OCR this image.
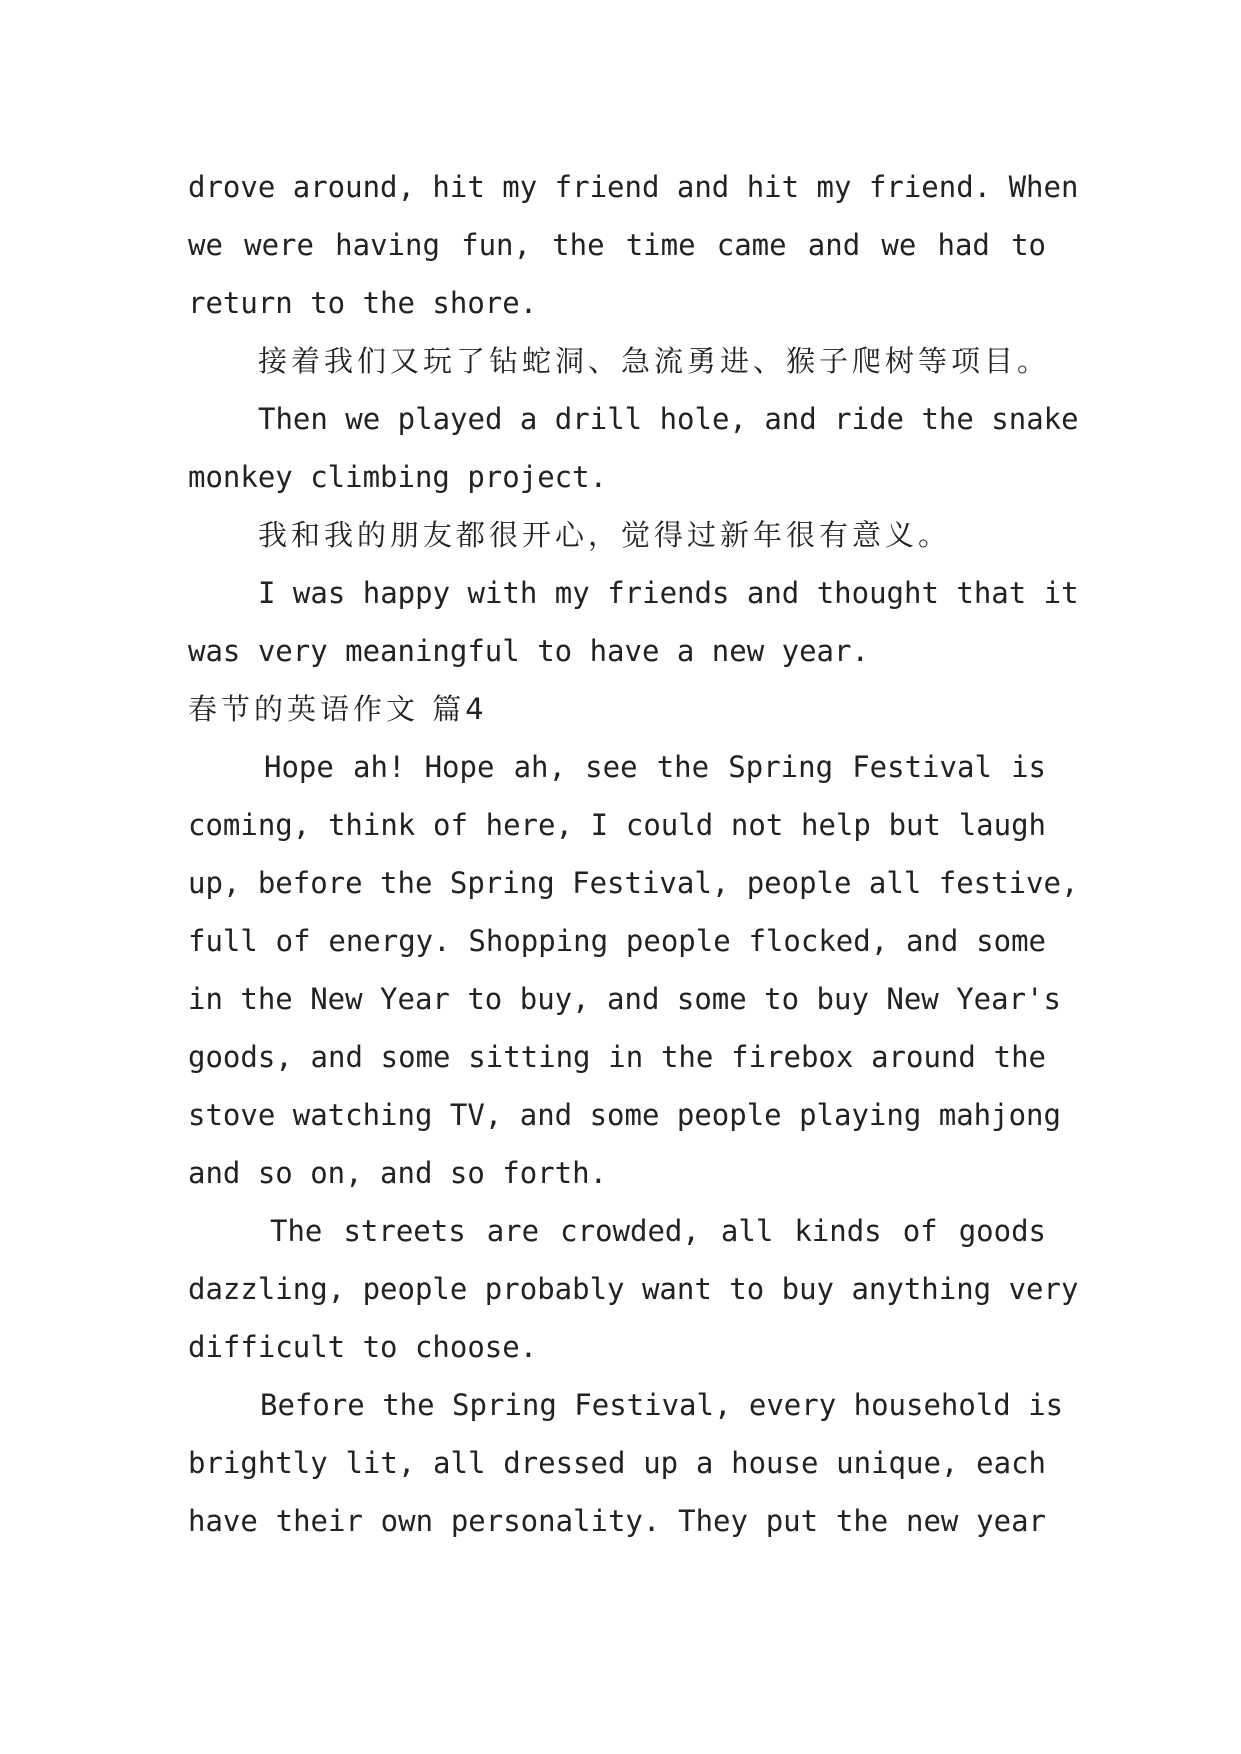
drove around, hit my friend and hit my friend. When
we were having fun, the time came and we had to
return to the shore.
接着我们又玩了钻蛇洞、急流勇进、猴子爬树等项目。
Then we played a drill hole, and ride the snake
monkey climbing project.
我和我的朋友都很开心，觉得过新年很有意义。
I was happy with my friends and thought that it
was very meaningful to have a new year.
春节的英语作文 篇4
Hope ah! Hope ah, see the Spring Festival is
coming, think of here, I could not help but laugh
up, before the Spring Festival, people all festive,
full of energy. Shopping people flocked, and some
in the New Year to buy, and some to buy New Year's
goods, and some sitting in the firebox around the
stove watching TV, and some people playing mahjong
and so on, and so forth.
The streets are crowded, all kinds of goods
dazzling, people probably want to buy anything very
difficult to choose.
Before the Spring Festival, every household is
brightly lit, all dressed up a house unique, each
have their own personality. They put the new year
